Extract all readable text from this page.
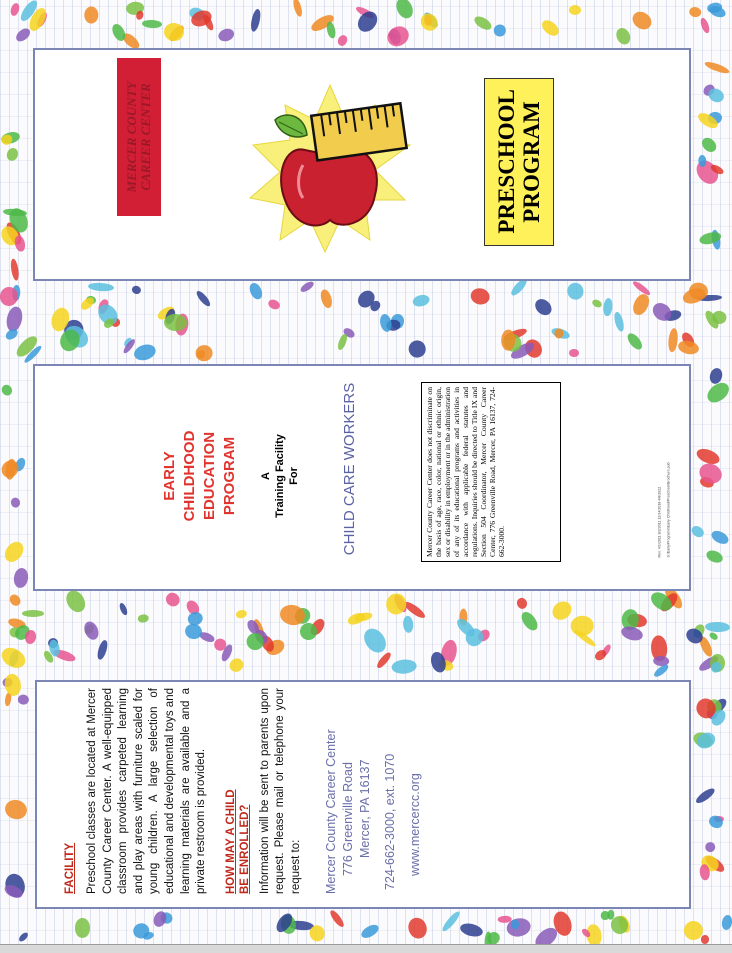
MERCER COUNTY CAREER CENTER	PRESCHOOL PROGRAM
EARLY CHILDHOOD EDUCATION PROGRAM A Training Facility For	CHILD CARE WORKERS	Mercer County Career Center does not discriminate on the basis of age, race, color, national or ethnic origin, sex or disability in employment or in the administration of any of its educational programs and activities in accordance with applicable federal statutes and regulations. Inquiries should be directed to Title IX and Section 504 Coordinator, Mercer County Career Center, 776 Greenville Road, Mercer, PA 16137, 724-662-3000.	S:\Early\Programs\Early Childhood\Preschool\Brochure.pub
Rev: 4/1/2011 8/2/2011 12/14/2018 4/8/2022
FACILITY Preschool classes are located at Mercer County Career Center. A well-equipped classroom provides carpeted learning and play areas with furniture scaled for young children. A large selection of educational and developmental toys and learning materials are available and a private restroom is provided. HOW MAY A CHILD BE ENROLLED? Information will be sent to parents upon request. Please mail or telephone your request to: Mercer County Career Center 776 Greenville Road Mercer, PA 16137 724-662-3000, ext. 1070 www.mercercc.org
